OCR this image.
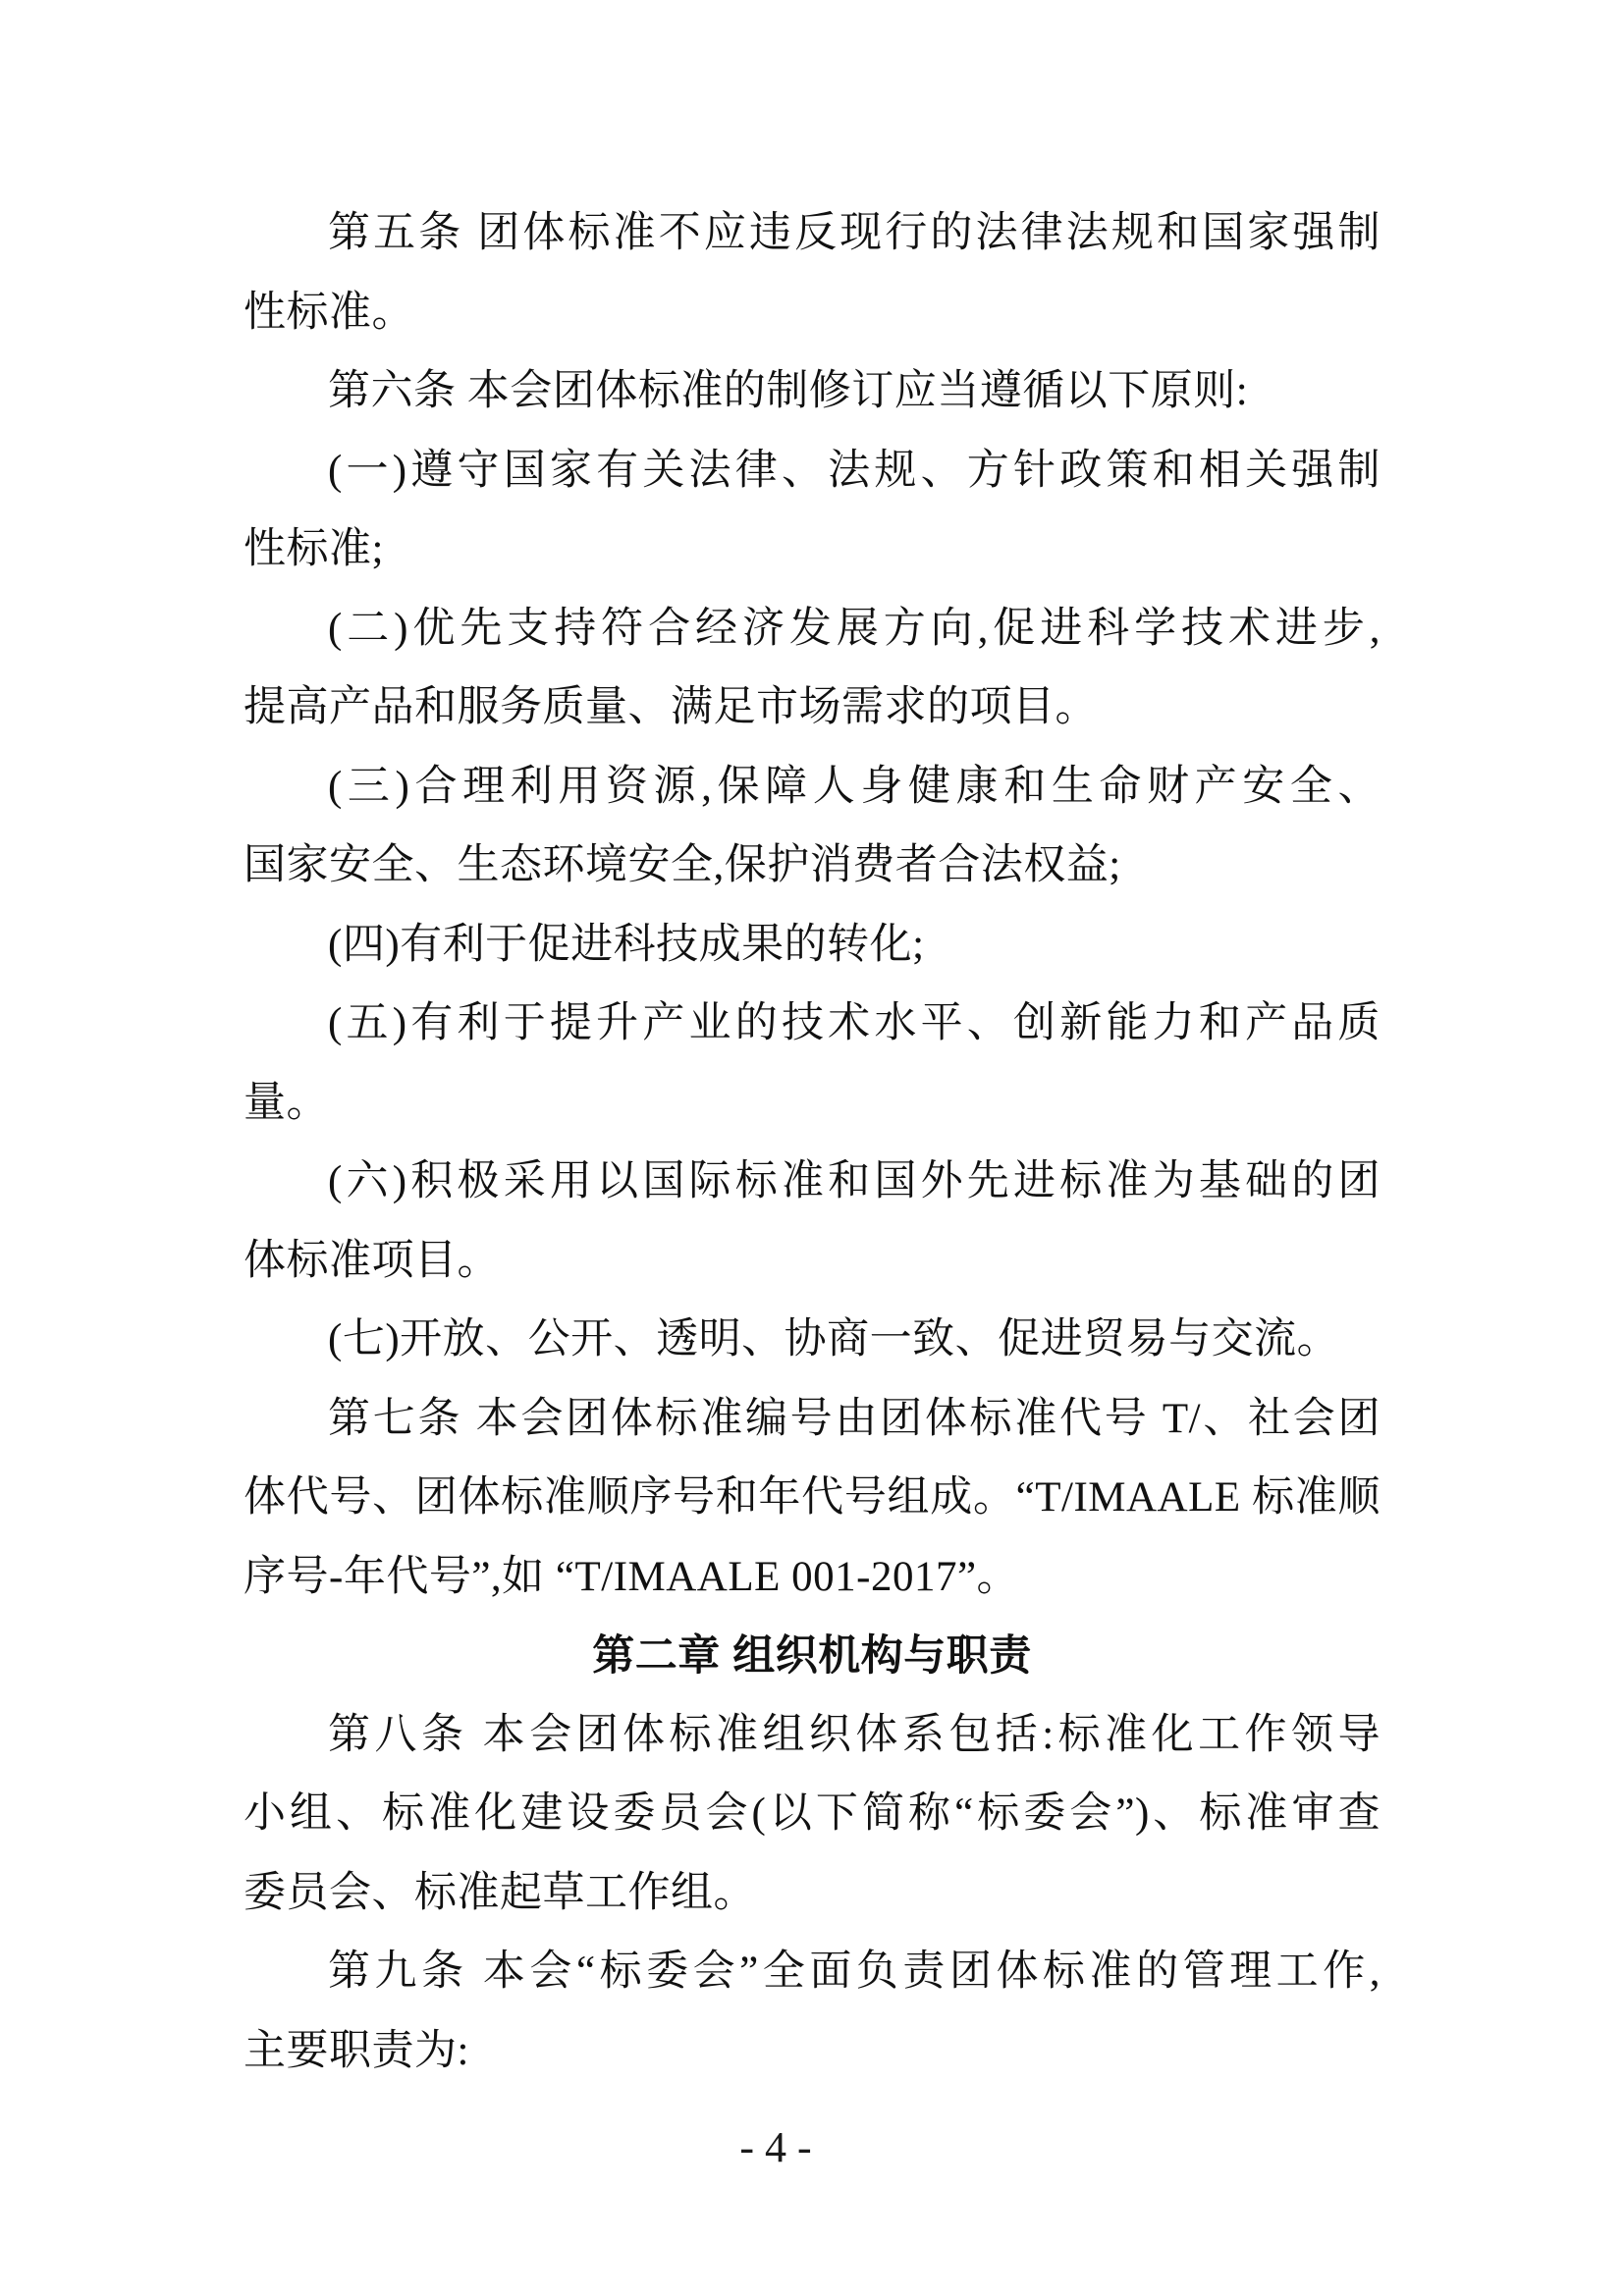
第五条 团体标准不应违反现行的法律法规和国家强制
性标准。
第六条 本会团体标准的制修订应当遵循以下原则:
(一)遵守国家有关法律、法规、方针政策和相关强制
性标准;
(二)优先支持符合经济发展方向,促进科学技术进步,
提高产品和服务质量、满足市场需求的项目。
(三)合理利用资源,保障人身健康和生命财产安全、
国家安全、生态环境安全,保护消费者合法权益;
(四)有利于促进科技成果的转化;
(五)有利于提升产业的技术水平、创新能力和产品质
量。
(六)积极采用以国际标准和国外先进标准为基础的团
体标准项目。
(七)开放、公开、透明、协商一致、促进贸易与交流。
第七条 本会团体标准编号由团体标准代号 T/、社会团
体代号、团体标准顺序号和年代号组成。“T/IMAALE 标准顺
序号-年代号”,如 “T/IMAALE 001-2017”。
第二章 组织机构与职责
第八条 本会团体标准组织体系包括:标准化工作领导
小组、标准化建设委员会(以下简称“标委会”)、标准审查
委员会、标准起草工作组。
第九条 本会“标委会”全面负责团体标准的管理工作,
主要职责为:
- 4 -
